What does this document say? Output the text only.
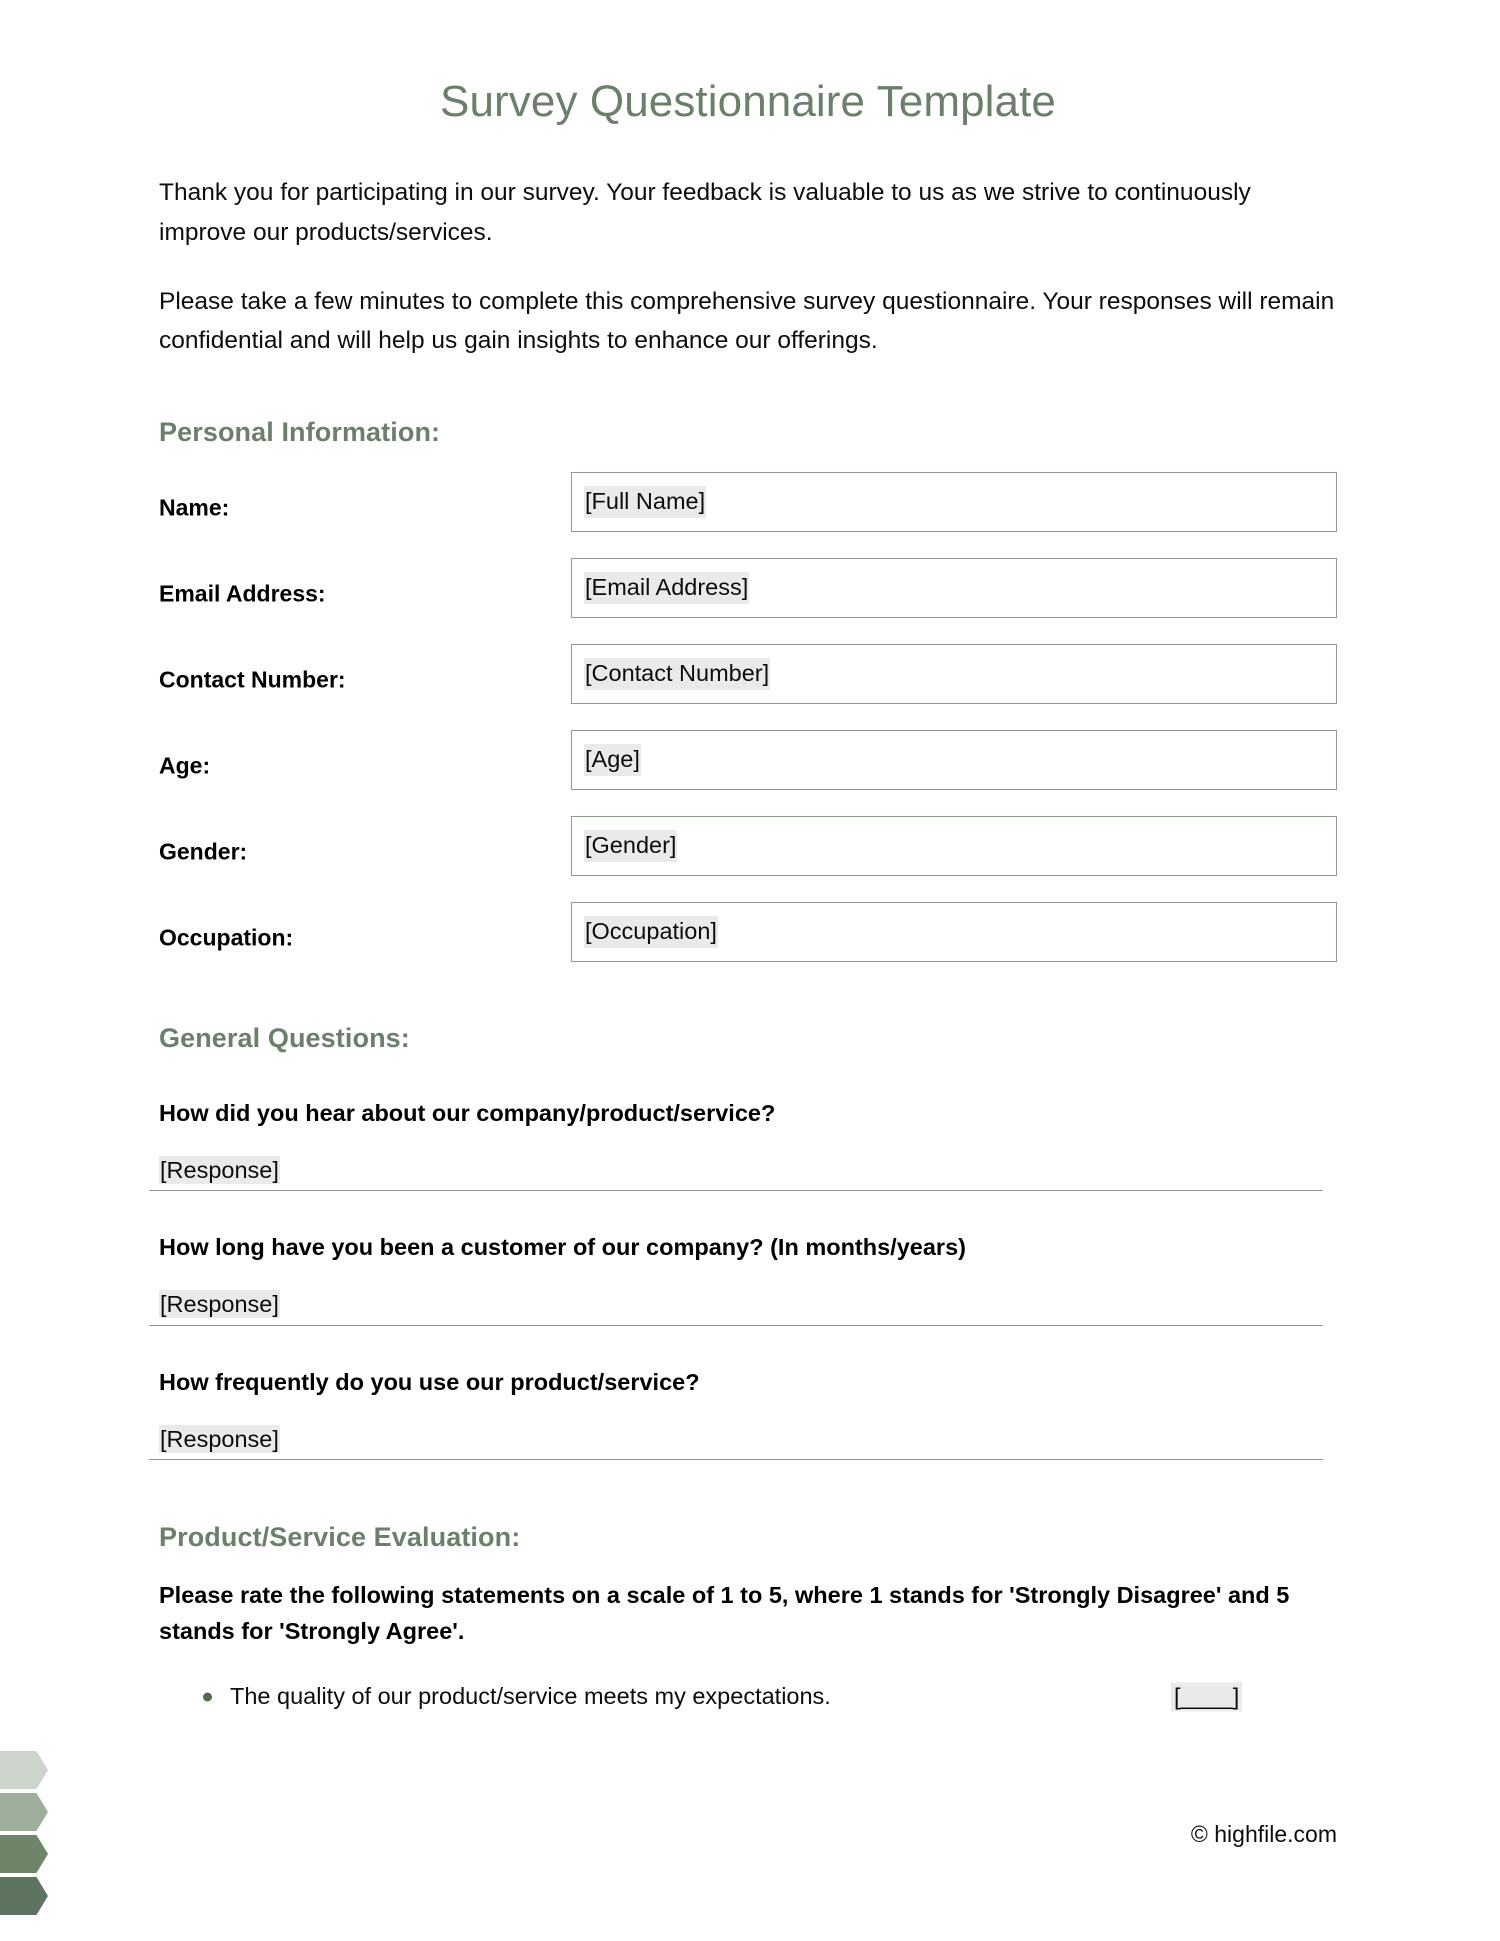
Survey Questionnaire Template

Thank you for participating in our survey. Your feedback is valuable to us as we strive to continuously improve our products/services.

Please take a few minutes to complete this comprehensive survey questionnaire. Your responses will remain confidential and will help us gain insights to enhance our offerings.

Personal Information:
Name:	[Full Name]
Email Address:	[Email Address]
Contact Number:	[Contact Number]
Age:	[Age]
Gender:	[Gender]
Occupation:	[Occupation]
General Questions:

How did you hear about our company/product/service?

[Response]

How long have you been a customer of our company? (In months/years)

[Response]

How frequently do you use our product/service?

[Response]
Product/Service Evaluation:

Please rate the following statements on a scale of 1 to 5, where 1 stands for 'Strongly Disagree' and 5 stands for 'Strongly Agree'.

The quality of our product/service meets my expectations.	[____]
© highfile.com
